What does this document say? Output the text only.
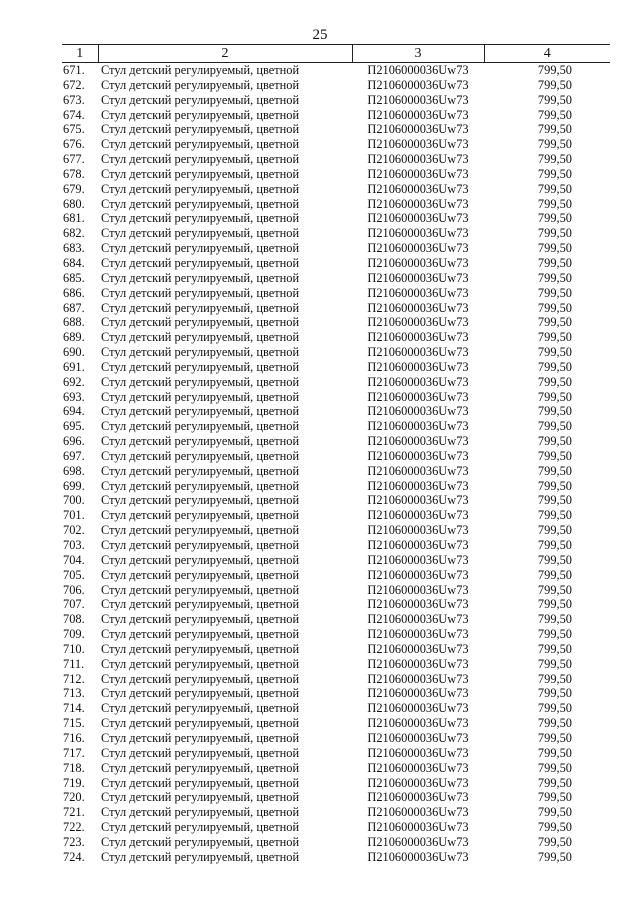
25
1	2	3	4
671.	Стул детский регулируемый, цветной	П2106000036Uw73	799,50
672.	Стул детский регулируемый, цветной	П2106000036Uw73	799,50
673.	Стул детский регулируемый, цветной	П2106000036Uw73	799,50
674.	Стул детский регулируемый, цветной	П2106000036Uw73	799,50
675.	Стул детский регулируемый, цветной	П2106000036Uw73	799,50
676.	Стул детский регулируемый, цветной	П2106000036Uw73	799,50
677.	Стул детский регулируемый, цветной	П2106000036Uw73	799,50
678.	Стул детский регулируемый, цветной	П2106000036Uw73	799,50
679.	Стул детский регулируемый, цветной	П2106000036Uw73	799,50
680.	Стул детский регулируемый, цветной	П2106000036Uw73	799,50
681.	Стул детский регулируемый, цветной	П2106000036Uw73	799,50
682.	Стул детский регулируемый, цветной	П2106000036Uw73	799,50
683.	Стул детский регулируемый, цветной	П2106000036Uw73	799,50
684.	Стул детский регулируемый, цветной	П2106000036Uw73	799,50
685.	Стул детский регулируемый, цветной	П2106000036Uw73	799,50
686.	Стул детский регулируемый, цветной	П2106000036Uw73	799,50
687.	Стул детский регулируемый, цветной	П2106000036Uw73	799,50
688.	Стул детский регулируемый, цветной	П2106000036Uw73	799,50
689.	Стул детский регулируемый, цветной	П2106000036Uw73	799,50
690.	Стул детский регулируемый, цветной	П2106000036Uw73	799,50
691.	Стул детский регулируемый, цветной	П2106000036Uw73	799,50
692.	Стул детский регулируемый, цветной	П2106000036Uw73	799,50
693.	Стул детский регулируемый, цветной	П2106000036Uw73	799,50
694.	Стул детский регулируемый, цветной	П2106000036Uw73	799,50
695.	Стул детский регулируемый, цветной	П2106000036Uw73	799,50
696.	Стул детский регулируемый, цветной	П2106000036Uw73	799,50
697.	Стул детский регулируемый, цветной	П2106000036Uw73	799,50
698.	Стул детский регулируемый, цветной	П2106000036Uw73	799,50
699.	Стул детский регулируемый, цветной	П2106000036Uw73	799,50
700.	Стул детский регулируемый, цветной	П2106000036Uw73	799,50
701.	Стул детский регулируемый, цветной	П2106000036Uw73	799,50
702.	Стул детский регулируемый, цветной	П2106000036Uw73	799,50
703.	Стул детский регулируемый, цветной	П2106000036Uw73	799,50
704.	Стул детский регулируемый, цветной	П2106000036Uw73	799,50
705.	Стул детский регулируемый, цветной	П2106000036Uw73	799,50
706.	Стул детский регулируемый, цветной	П2106000036Uw73	799,50
707.	Стул детский регулируемый, цветной	П2106000036Uw73	799,50
708.	Стул детский регулируемый, цветной	П2106000036Uw73	799,50
709.	Стул детский регулируемый, цветной	П2106000036Uw73	799,50
710.	Стул детский регулируемый, цветной	П2106000036Uw73	799,50
711.	Стул детский регулируемый, цветной	П2106000036Uw73	799,50
712.	Стул детский регулируемый, цветной	П2106000036Uw73	799,50
713.	Стул детский регулируемый, цветной	П2106000036Uw73	799,50
714.	Стул детский регулируемый, цветной	П2106000036Uw73	799,50
715.	Стул детский регулируемый, цветной	П2106000036Uw73	799,50
716.	Стул детский регулируемый, цветной	П2106000036Uw73	799,50
717.	Стул детский регулируемый, цветной	П2106000036Uw73	799,50
718.	Стул детский регулируемый, цветной	П2106000036Uw73	799,50
719.	Стул детский регулируемый, цветной	П2106000036Uw73	799,50
720.	Стул детский регулируемый, цветной	П2106000036Uw73	799,50
721.	Стул детский регулируемый, цветной	П2106000036Uw73	799,50
722.	Стул детский регулируемый, цветной	П2106000036Uw73	799,50
723.	Стул детский регулируемый, цветной	П2106000036Uw73	799,50
724.	Стул детский регулируемый, цветной	П2106000036Uw73	799,50
